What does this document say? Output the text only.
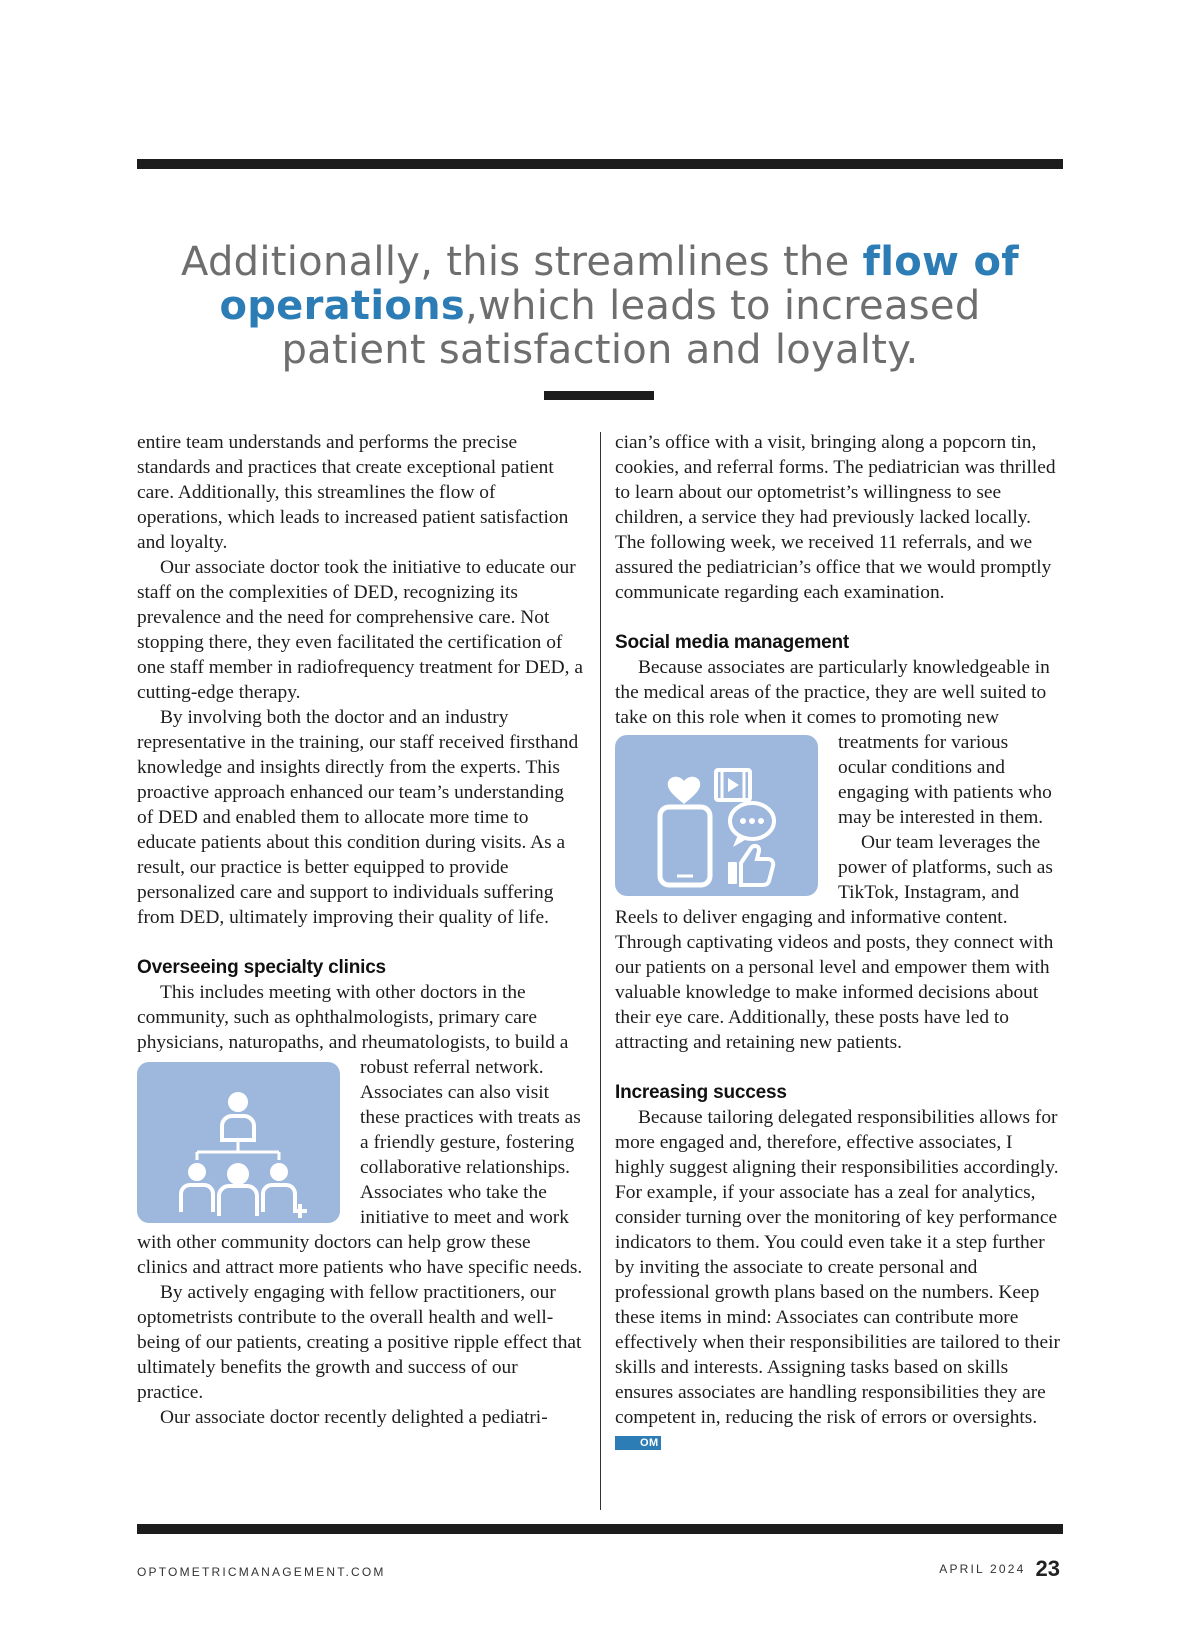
Additionally, this streamlines the flow of operations,which leads to increased patient satisfaction and loyalty.

entire team understands and performs the precise standards and practices that create exceptional patient care. Additionally, this streamlines the flow of operations, which leads to increased patient satisfaction and loyalty.

Our associate doctor took the initiative to educate our staff on the complexities of DED, recognizing its prevalence and the need for comprehensive care. Not stopping there, they even facilitated the certification of one staff member in radiofrequency treatment for DED, a cutting-edge therapy.

By involving both the doctor and an industry representative in the training, our staff received firsthand knowledge and insights directly from the experts. This proactive approach enhanced our team’s understanding of DED and enabled them to allocate more time to educate patients about this condition during visits. As a result, our practice is better equipped to provide personalized care and support to individuals suffering from DED, ultimately improving their quality of life.

Overseeing specialty clinics

This includes meeting with other doctors in the community, such as ophthalmologists, primary care physicians, naturopaths, and rheumatologists, to build a robust referral network.
Associates can also visit these practices with treats as a friendly gesture, fostering collaborative relationships. Associates who take the initiative to meet and work with other community doctors can help grow these clinics and attract more patients who have specific needs.

By actively engaging with fellow practitioners, our optometrists contribute to the overall health and well-being of our patients, creating a positive ripple effect that ultimately benefits the growth and success of our practice.

Our associate doctor recently delighted a pediatri-

cian’s office with a visit, bringing along a popcorn tin, cookies, and referral forms. The pediatrician was thrilled to learn about our optometrist’s willingness to see children, a service they had previously lacked locally. The following week, we received 11 referrals, and we assured the pediatrician’s office that we would promptly communicate regarding each examination.

Social media management

Because associates are particularly knowledgeable in the medical areas of the practice, they are well suited to take on this role when it comes to promoting
new treatments for various ocular conditions and engaging with patients who may be interested in them.

Our team leverages the power of platforms, such as TikTok, Instagram, and Reels to deliver engaging and informative content. Through captivating videos and posts, they connect with our patients on a personal level and empower them with valuable knowledge to make informed decisions about their eye care. Additionally, these posts have led to attracting and retaining new patients.

Increasing success

Because tailoring delegated responsibilities allows for more engaged and, therefore, effective associates, I highly suggest aligning their responsibilities accordingly. For example, if your associate has a zeal for analytics, consider turning over the monitoring of key performance indicators to them. You could even take it a step further by inviting the associate to create personal and professional growth plans based on the numbers. Keep these items in mind: Associates can contribute more effectively when their responsibilities are tailored to their skills and interests. Assigning tasks based on skills ensures associates are handling responsibilities they are competent in, reducing the risk of errors or oversights. OM

OPTOMETRICMANAGEMENT.COM	APRIL 2024 23
